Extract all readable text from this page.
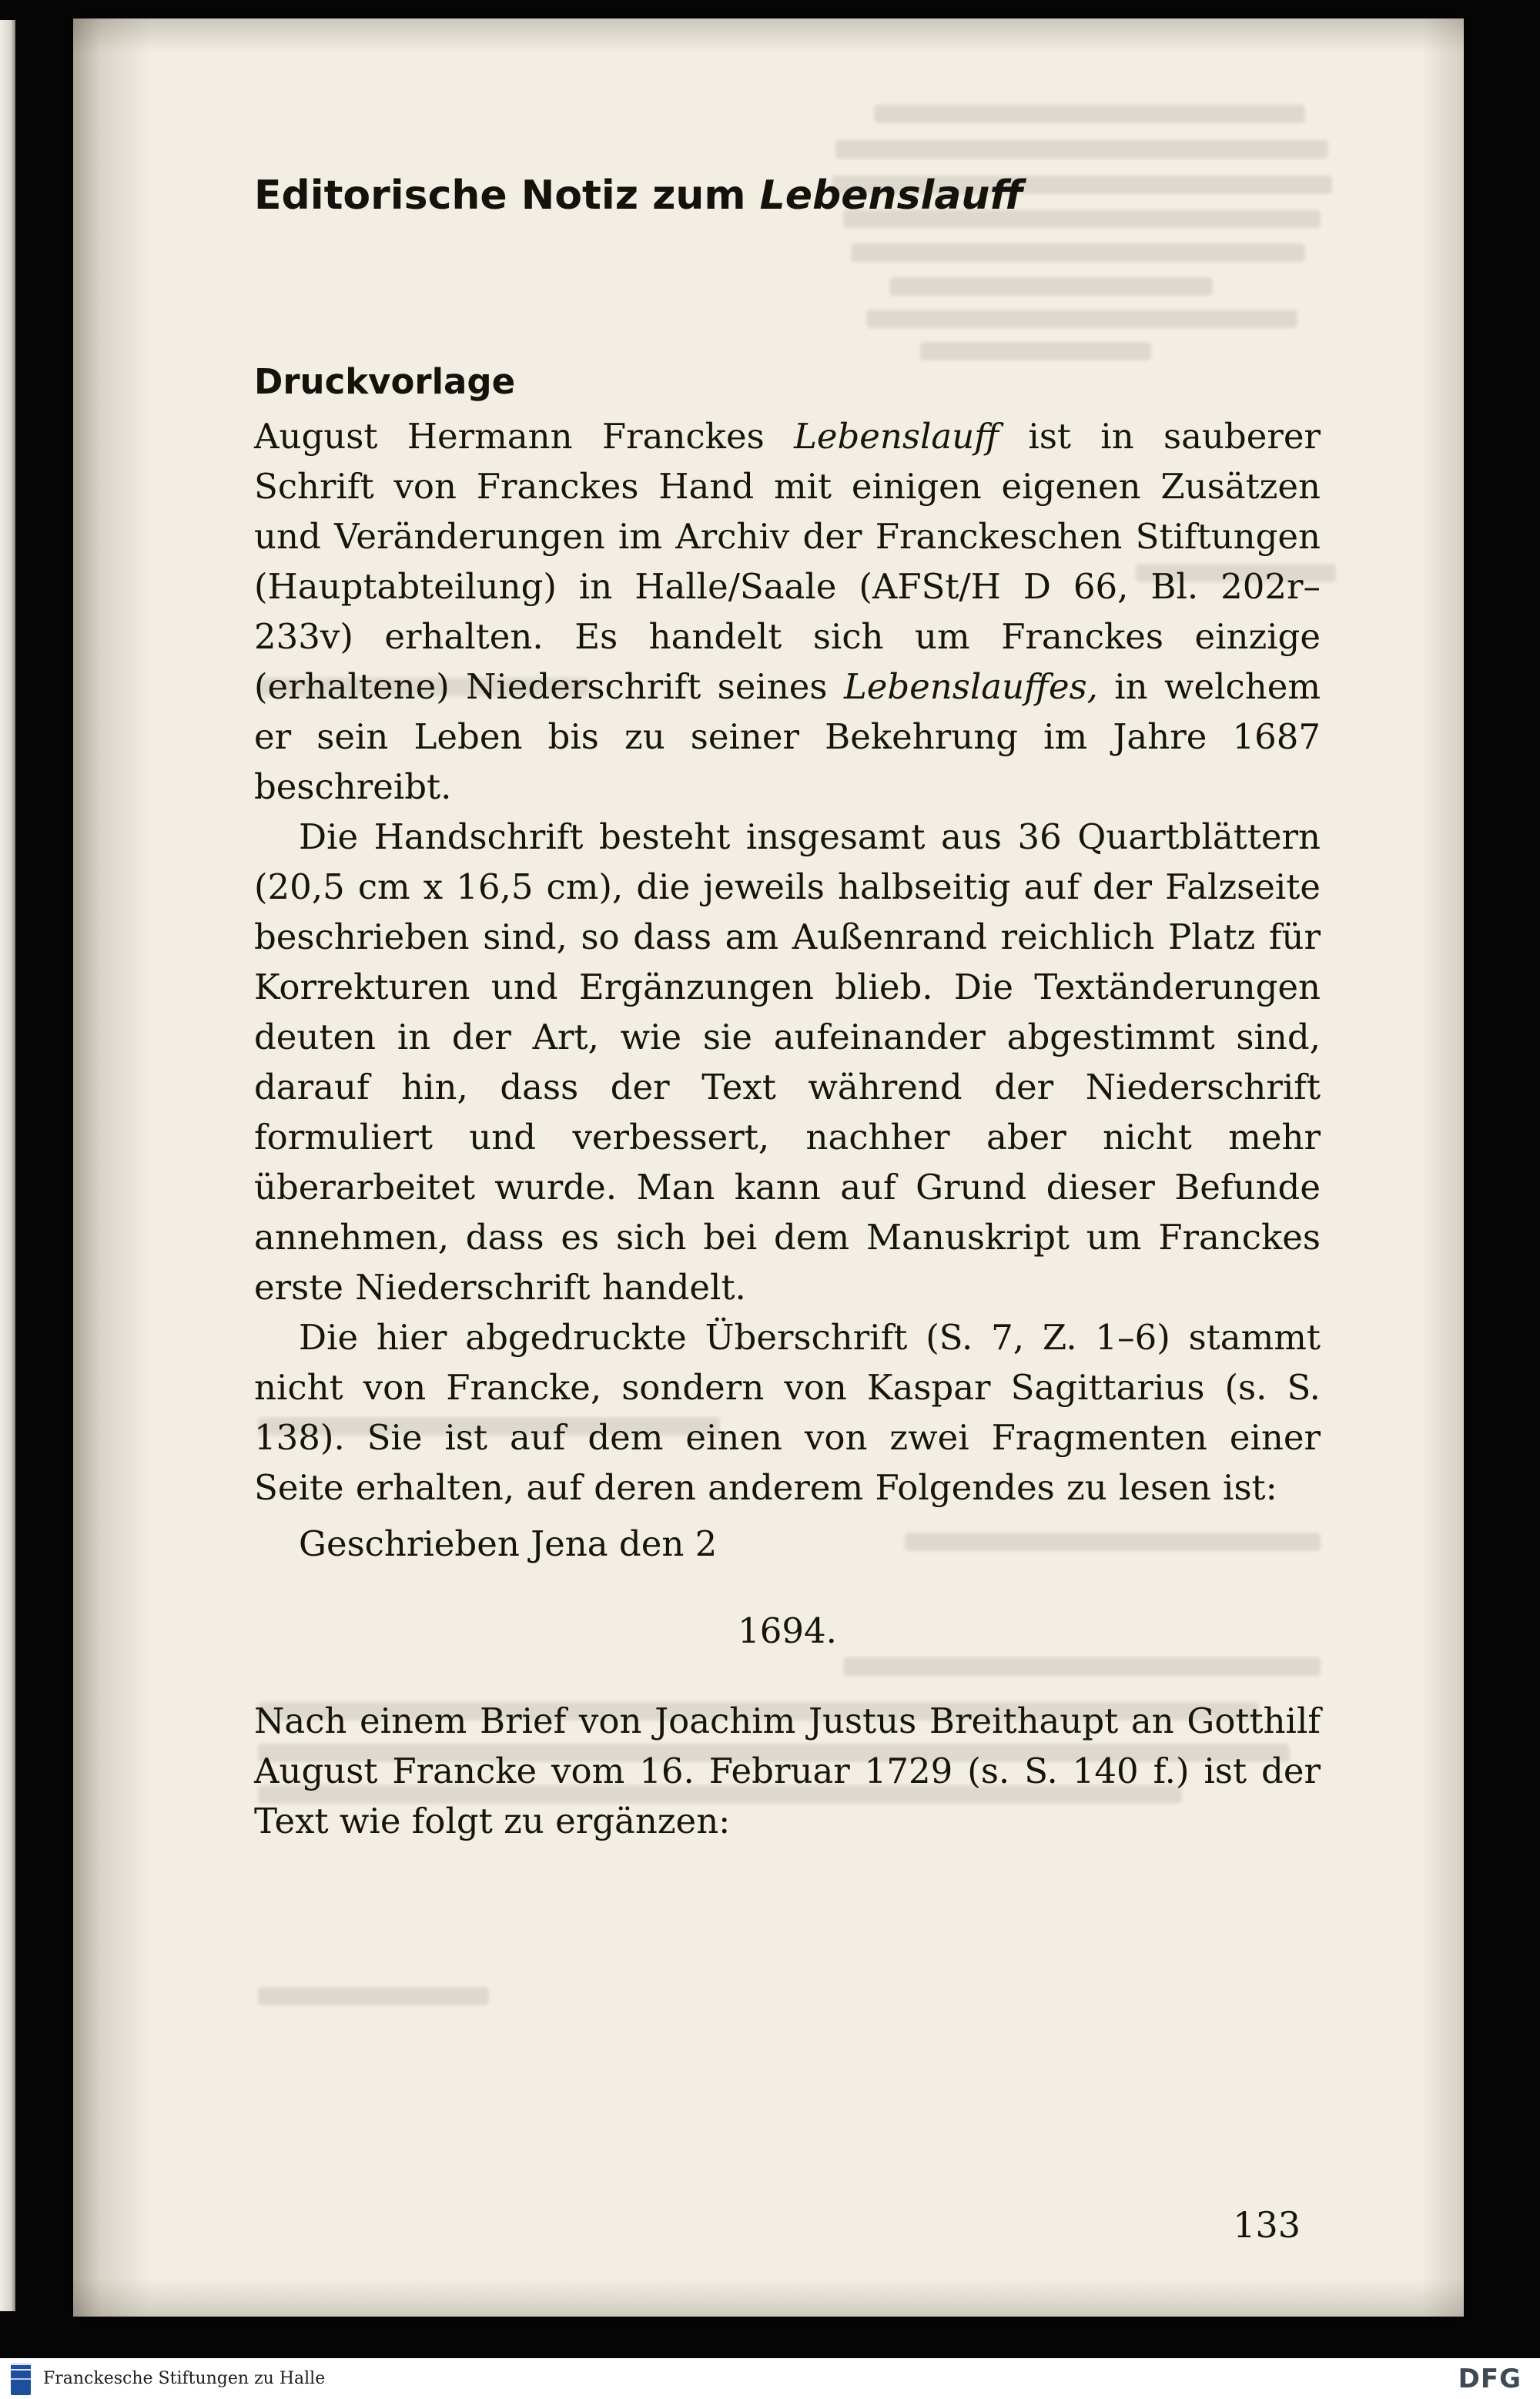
Editorische Notiz zum Lebenslauff
Druckvorlage

August Hermann Franckes Lebenslauff ist in sauberer Schrift von Franckes Hand mit einigen eigenen Zusätzen und Veränderungen im Archiv der Franckeschen Stiftungen (Hauptabteilung) in Halle/Saale (AFSt/H D 66, Bl. 202r–233v) erhalten. Es handelt sich um Franckes einzige (erhaltene) Niederschrift seines Lebenslauffes, in welchem er sein Leben bis zu seiner Bekehrung im Jahre 1687 beschreibt.

Die Handschrift besteht insgesamt aus 36 Quartblättern (20,5 cm x 16,5 cm), die jeweils halbseitig auf der Falzseite beschrieben sind, so dass am Außenrand reichlich Platz für Korrekturen und Ergänzungen blieb. Die Textänderungen deuten in der Art, wie sie aufeinander abgestimmt sind, darauf hin, dass der Text während der Niederschrift formuliert und verbessert, nachher aber nicht mehr überarbeitet wurde. Man kann auf Grund dieser Befunde annehmen, dass es sich bei dem Manuskript um Franckes erste Niederschrift handelt.

Die hier abgedruckte Überschrift (S. 7, Z. 1–6) stammt nicht von Francke, sondern von Kaspar Sagittarius (s. S. 138). Sie ist auf dem einen von zwei Fragmenten einer Seite erhalten, auf deren anderem Folgendes zu lesen ist:

Geschrieben Jena den 2

1694.

Nach einem Brief von Joachim Justus Breithaupt an Gotthilf August Francke vom 16. Februar 1729 (s. S. 140 f.) ist der Text wie folgt zu ergänzen:

133
Franckesche Stiftungen zu Halle	DFG
